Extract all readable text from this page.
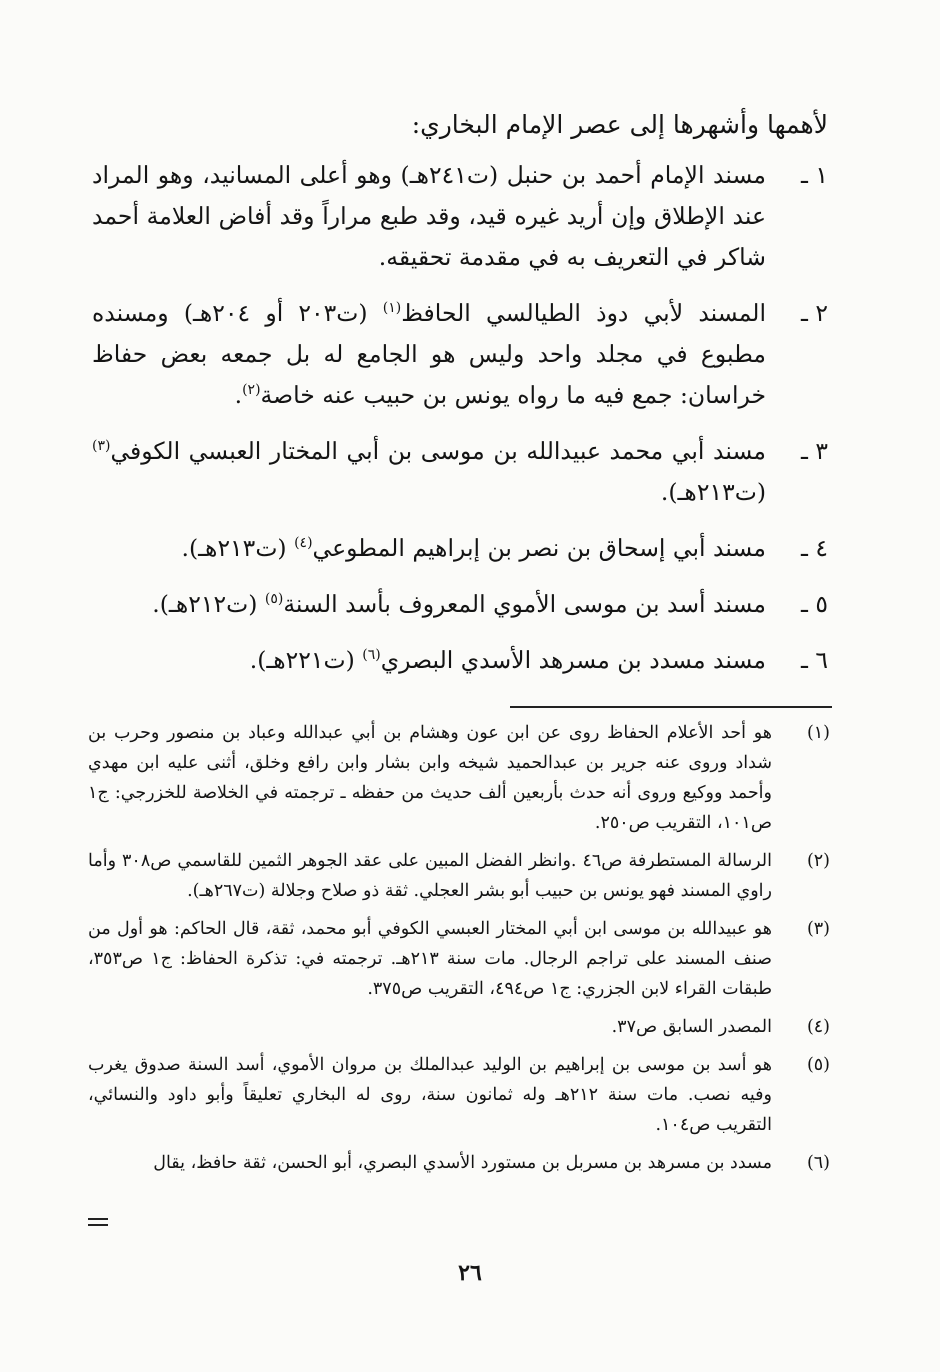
لأهمها وأشهرها إلى عصر الإمام البخاري:
١ ـ
مسند الإمام أحمد بن حنبل (ت٢٤١هـ) وهو أعلى المسانيد، وهو المراد عند الإطلاق وإن أريد غيره قيد، وقد طبع مراراً وقد أفاض العلامة أحمد شاكر في التعريف به في مقدمة تحقيقه.
٢ ـ
المسند لأبي دوذ الطيالسي الحافظ$^{(١)}$ (ت٢٠٣ أو ٢٠٤هـ) ومسنده مطبوع في مجلد واحد وليس هو الجامع له بل جمعه بعض حفاظ خراسان: جمع فيه ما رواه يونس بن حبيب عنه خاصة$^{(٢)}$.
٣ ـ
مسند أبي محمد عبيدالله بن موسى بن أبي المختار العبسي الكوفي$^{(٣)}$ (ت٢١٣هـ).
٤ ـ
مسند أبي إسحاق بن نصر بن إبراهيم المطوعي$^{(٤)}$ (ت٢١٣هـ).
٥ ـ
مسند أسد بن موسى الأموي المعروف بأسد السنة$^{(٥)}$ (ت٢١٢هـ).
٦ ـ
مسند مسدد بن مسرهد الأسدي البصري$^{(٦)}$ (ت٢٢١هـ).
(١)
هو أحد الأعلام الحفاظ روى عن ابن عون وهشام بن أبي عبدالله وعباد بن منصور وحرب بن شداد وروى عنه جرير بن عبدالحميد شيخه وابن بشار وابن رافع وخلق، أثنى عليه ابن مهدي وأحمد ووكيع وروى أنه حدث بأربعين ألف حديث من حفظه ـ ترجمته في الخلاصة للخزرجي: ج١ ص١٠١، التقريب ص٢٥٠.
(٢)
الرسالة المستطرفة ص٤٦ .وانظر الفضل المبين على عقد الجوهر الثمين للقاسمي ص٣٠٨ وأما راوي المسند فهو يونس بن حبيب أبو بشر العجلي. ثقة ذو صلاح وجلالة (ت٢٦٧هـ).
(٣)
هو عبيدالله بن موسى ابن أبي المختار العبسي الكوفي أبو محمد، ثقة، قال الحاكم: هو أول من صنف المسند على تراجم الرجال. مات سنة ٢١٣هـ. ترجمته في: تذكرة الحفاظ: ج١ ص٣٥٣، طبقات القراء لابن الجزري: ج١ ص٤٩٤، التقريب ص٣٧٥.
(٤)
المصدر السابق ص٣٧.
(٥)
هو أسد بن موسى بن إبراهيم بن الوليد عبدالملك بن مروان الأموي، أسد السنة صدوق يغرب وفيه نصب. مات سنة ٢١٢هـ وله ثمانون سنة، روى له البخاري تعليقاً وأبو داود والنسائي، التقريب ص١٠٤.
(٦)
مسدد بن مسرهد بن مسربل بن مستورد الأسدي البصري، أبو الحسن، ثقة حافظ، يقال
٢٦
